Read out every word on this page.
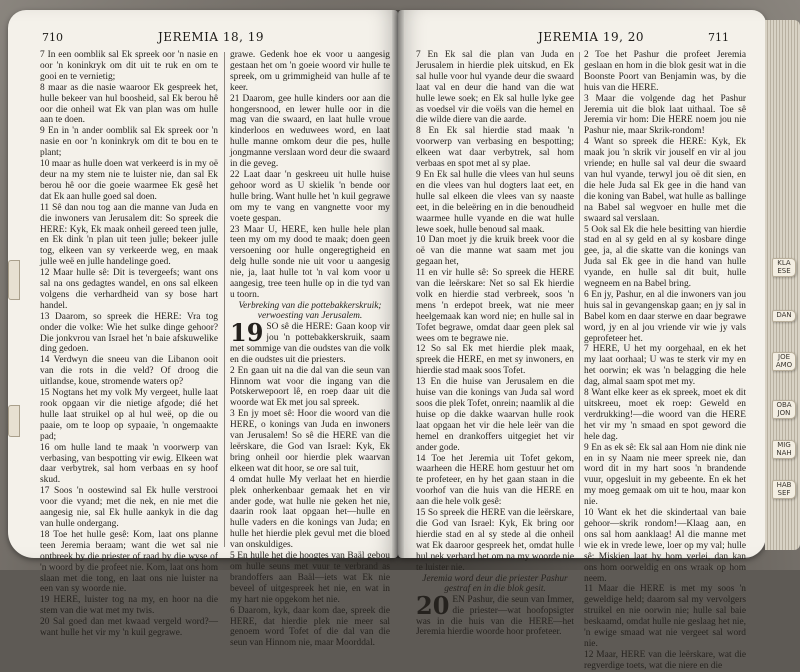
710	JEREMIA 18, 19

7 In een oomblik sal Ek spreek oor 'n nasie en oor 'n koninkryk om dit uit te ruk en om te gooi en te vernietig;

8 maar as die nasie waaroor Ek gespreek het, hulle bekeer van hul boosheid, sal Ek berou hê oor die onheil wat Ek van plan was om hulle aan te doen.

9 En in 'n ander oomblik sal Ek spreek oor 'n nasie en oor 'n koninkryk om dit te bou en te plant;

10 maar as hulle doen wat verkeerd is in my oë deur na my stem nie te luister nie, dan sal Ek berou hê oor die goeie waarmee Ek gesê het dat Ek aan hulle goed sal doen.

11 Sê dan nou tog aan die manne van Juda en die inwoners van Jerusalem dit: So spreek die HERE: Kyk, Ek maak onheil gereed teen julle, en Ek dink 'n plan uit teen julle; bekeer julle tog, elkeen van sy verkeerde weg, en maak julle weë en julle handelinge goed.

12 Maar hulle sê: Dit is tevergeefs; want ons sal na ons gedagtes wandel, en ons sal elkeen volgens die verhardheid van sy bose hart handel.

13 Daarom, so spreek die HERE: Vra tog onder die volke: Wie het sulke dinge gehoor? Die jonkvrou van Israel het 'n baie afskuwelike ding gedoen.

14 Verdwyn die sneeu van die Libanon ooit van die rots in die veld? Of droog die uitlandse, koue, stromende waters op?

15 Nogtans het my volk My vergeet, hulle laat rook opgaan vir die nietige afgode; dié het hulle laat struikel op al hul weë, op die ou paaie, om te loop op sypaaie, 'n ongemaakte pad;

16 om hulle land te maak 'n voorwerp van verbasing, van bespotting vir ewig. Elkeen wat daar verbytrek, sal hom verbaas en sy hoof skud.

17 Soos 'n oostewind sal Ek hulle verstrooi voor die vyand; met die nek, en nie met die aangesig nie, sal Ek hulle aankyk in die dag van hulle ondergang.

18 Toe het hulle gesê: Kom, laat ons planne teen Jeremia beraam; want die wet sal nie ontbreek by die priester of raad by die wyse of 'n woord by die profeet nie. Kom, laat ons hom slaan met die tong, en laat ons nie luister na een van sy woorde nie.

19 HERE, luister tog na my, en hoor na die stem van die wat met my twis.

20 Sal goed dan met kwaad vergeld word?—want hulle het vir my 'n kuil gegrawe.

grawe. Gedenk hoe ek voor u aangesig gestaan het om 'n goeie woord vir hulle te spreek, om u grimmigheid van hulle af te keer.

21 Daarom, gee hulle kinders oor aan die hongersnood, en lewer hulle oor in die mag van die swaard, en laat hulle vroue kinderloos en weduwees word, en laat hulle manne omkom deur die pes, hulle jongmanne verslaan word deur die swaard in die geveg.

22 Laat daar 'n geskreeu uit hulle huise gehoor word as U skielik 'n bende oor hulle bring. Want hulle het 'n kuil gegrawe om my te vang en vangnette voor my voete gespan.

23 Maar U, HERE, ken hulle hele plan teen my om my dood te maak; doen geen versoening oor hulle ongeregtigheid en delg hulle sonde nie uit voor u aangesig nie, ja, laat hulle tot 'n val kom voor u aangesig, tree teen hulle op in die tyd van u toorn.

Verbreking van die pottebakkerskruik; verwoesting van Jerusalem.

19 SO sê die HERE: Gaan koop vir jou 'n pottebakkerskruik, saam met sommige van die oudstes van die volk en die oudstes uit die priesters.
2 En gaan uit na die dal van die seun van Hinnom wat voor die ingang van die Potskerwepoort lê, en roep daar uit die woorde wat Ek met jou sal spreek.
3 En jy moet sê: Hoor die woord van die HERE, o konings van Juda en inwoners van Jerusalem! So sê die HERE van die leërskare, die God van Israel: Kyk, Ek bring onheil oor hierdie plek waarvan elkeen wat dit hoor, se ore sal tuit,
4 omdat hulle My verlaat het en hierdie plek onherkenbaar gemaak het en vir ander gode, wat hulle nie geken het nie, daarin rook laat opgaan het—hulle en hulle vaders en die konings van Juda; en hulle het hierdie plek gevul met die bloed van onskuldiges.
5 En hulle het die hoogtes van Baäl gebou om hulle seuns met vuur te verbrand as brandoffers aan Baäl—iets wat Ek nie beveel of uitgespreek het nie, en wat in my hart nie opgekom het nie.
6 Daarom, kyk, daar kom dae, spreek die HERE, dat hierdie plek nie meer sal genoem word Tofet of die dal van die seun van Hinnom nie, maar Moorddal.
JEREMIA 19, 20	711

7 En Ek sal die plan van Juda en Jerusalem in hierdie plek uitskud, en Ek sal hulle voor hul vyande deur die swaard laat val en deur die hand van die wat hulle lewe soek; en Ek sal hulle lyke gee as voedsel vir die voëls van die hemel en die wilde diere van die aarde.

8 En Ek sal hierdie stad maak 'n voorwerp van verbasing en bespotting; elkeen wat daar verbytrek, sal hom verbaas en spot met al sy plae.

9 En Ek sal hulle die vlees van hul seuns en die vlees van hul dogters laat eet, en hulle sal elkeen die vlees van sy naaste eet, in die beleëring en in die benoudheid waarmee hulle vyande en die wat hulle lewe soek, hulle benoud sal maak.

10 Dan moet jy die kruik breek voor die oë van die manne wat saam met jou gegaan het,

11 en vir hulle sê: So spreek die HERE van die leërskare: Net so sal Ek hierdie volk en hierdie stad verbreek, soos 'n mens 'n erdepot breek, wat nie meer heelgemaak kan word nie; en hulle sal in Tofet begrawe, omdat daar geen plek sal wees om te begrawe nie.

12 So sal Ek met hierdie plek maak, spreek die HERE, en met sy inwoners, en hierdie stad maak soos Tofet.

13 En die huise van Jerusalem en die huise van die konings van Juda sal word soos die plek Tofet, onrein; naamlik al die huise op die dakke waarvan hulle rook laat opgaan het vir die hele leër van die hemel en drankoffers uitgegiet het vir ander gode.

14 Toe het Jeremia uit Tofet gekom, waarheen die HERE hom gestuur het om te profeteer, en hy het gaan staan in die voorhof van die huis van die HERE en aan die hele volk gesê:

15 So spreek die HERE van die leërskare, die God van Israel: Kyk, Ek bring oor hierdie stad en al sy stede al die onheil wat Ek daaroor gespreek het, omdat hulle hul nek verhard het om na my woorde nie te luister nie.

Jeremia word deur die priester Pashur gestraf en in die blok gesit.

20 EN Pashur, die seun van Immer, die priester—wat hoofopsigter was in die huis van die HERE—het Jeremia hierdie woorde hoor profeteer.

2 Toe het Pashur die profeet Jeremia geslaan en hom in die blok gesit wat in die Boonste Poort van Benjamin was, by die huis van die HERE.

3 Maar die volgende dag het Pashur Jeremia uit die blok laat uithaal. Toe sê Jeremia vir hom: Die HERE noem jou nie Pashur nie, maar Skrik-rondom!

4 Want so spreek die HERE: Kyk, Ek maak jou 'n skrik vir jouself en vir al jou vriende; en hulle sal val deur die swaard van hul vyande, terwyl jou oë dit sien, en die hele Juda sal Ek gee in die hand van die koning van Babel, wat hulle as ballinge na Babel sal wegvoer en hulle met die swaard sal verslaan.

5 Ook sal Ek die hele besitting van hierdie stad en al sy geld en al sy kosbare dinge gee, ja, al die skatte van die konings van Juda sal Ek gee in die hand van hulle vyande, en hulle sal dit buit, hulle wegneem en na Babel bring.

6 En jy, Pashur, en al die inwoners van jou huis sal in gevangenskap gaan; en jy sal in Babel kom en daar sterwe en daar begrawe word, jy en al jou vriende vir wie jy vals geprofeteer het.

7 HERE, U het my oorgehaal, en ek het my laat oorhaal; U was te sterk vir my en het oorwin; ek was 'n belagging die hele dag, almal saam spot met my.

8 Want elke keer as ek spreek, moet ek dit uitskreeu, moet ek roep: Geweld en verdrukking!—die woord van die HERE het vir my 'n smaad en spot geword die hele dag.

9 En as ek sê: Ek sal aan Hom nie dink nie en in sy Naam nie meer spreek nie, dan word dit in my hart soos 'n brandende vuur, opgesluit in my gebeente. En ek het my moeg gemaak om uit te hou, maar kon nie.

10 Want ek het die skindertaal van baie gehoor—skrik rondom!—Klaag aan, en ons sal hom aanklaag! Al die manne met wie ek in vrede lewe, loer op my val; hulle sê: Miskien laat hy hom verlei, dan kan ons hom oorweldig en ons wraak op hom neem.

11 Maar die HERE is met my soos 'n geweldige held; daarom sal my vervolgers struikel en nie oorwin nie; hulle sal baie beskaamd, omdat hulle nie geslaag het nie, 'n ewige smaad wat nie vergeet sal word nie.

12 Maar, HERE van die leërskare, wat die regverdige toets, wat die niere en die

KLA ESE
DAN
JOE AMO
OBA JON
MIG NAH
HAB SEF
